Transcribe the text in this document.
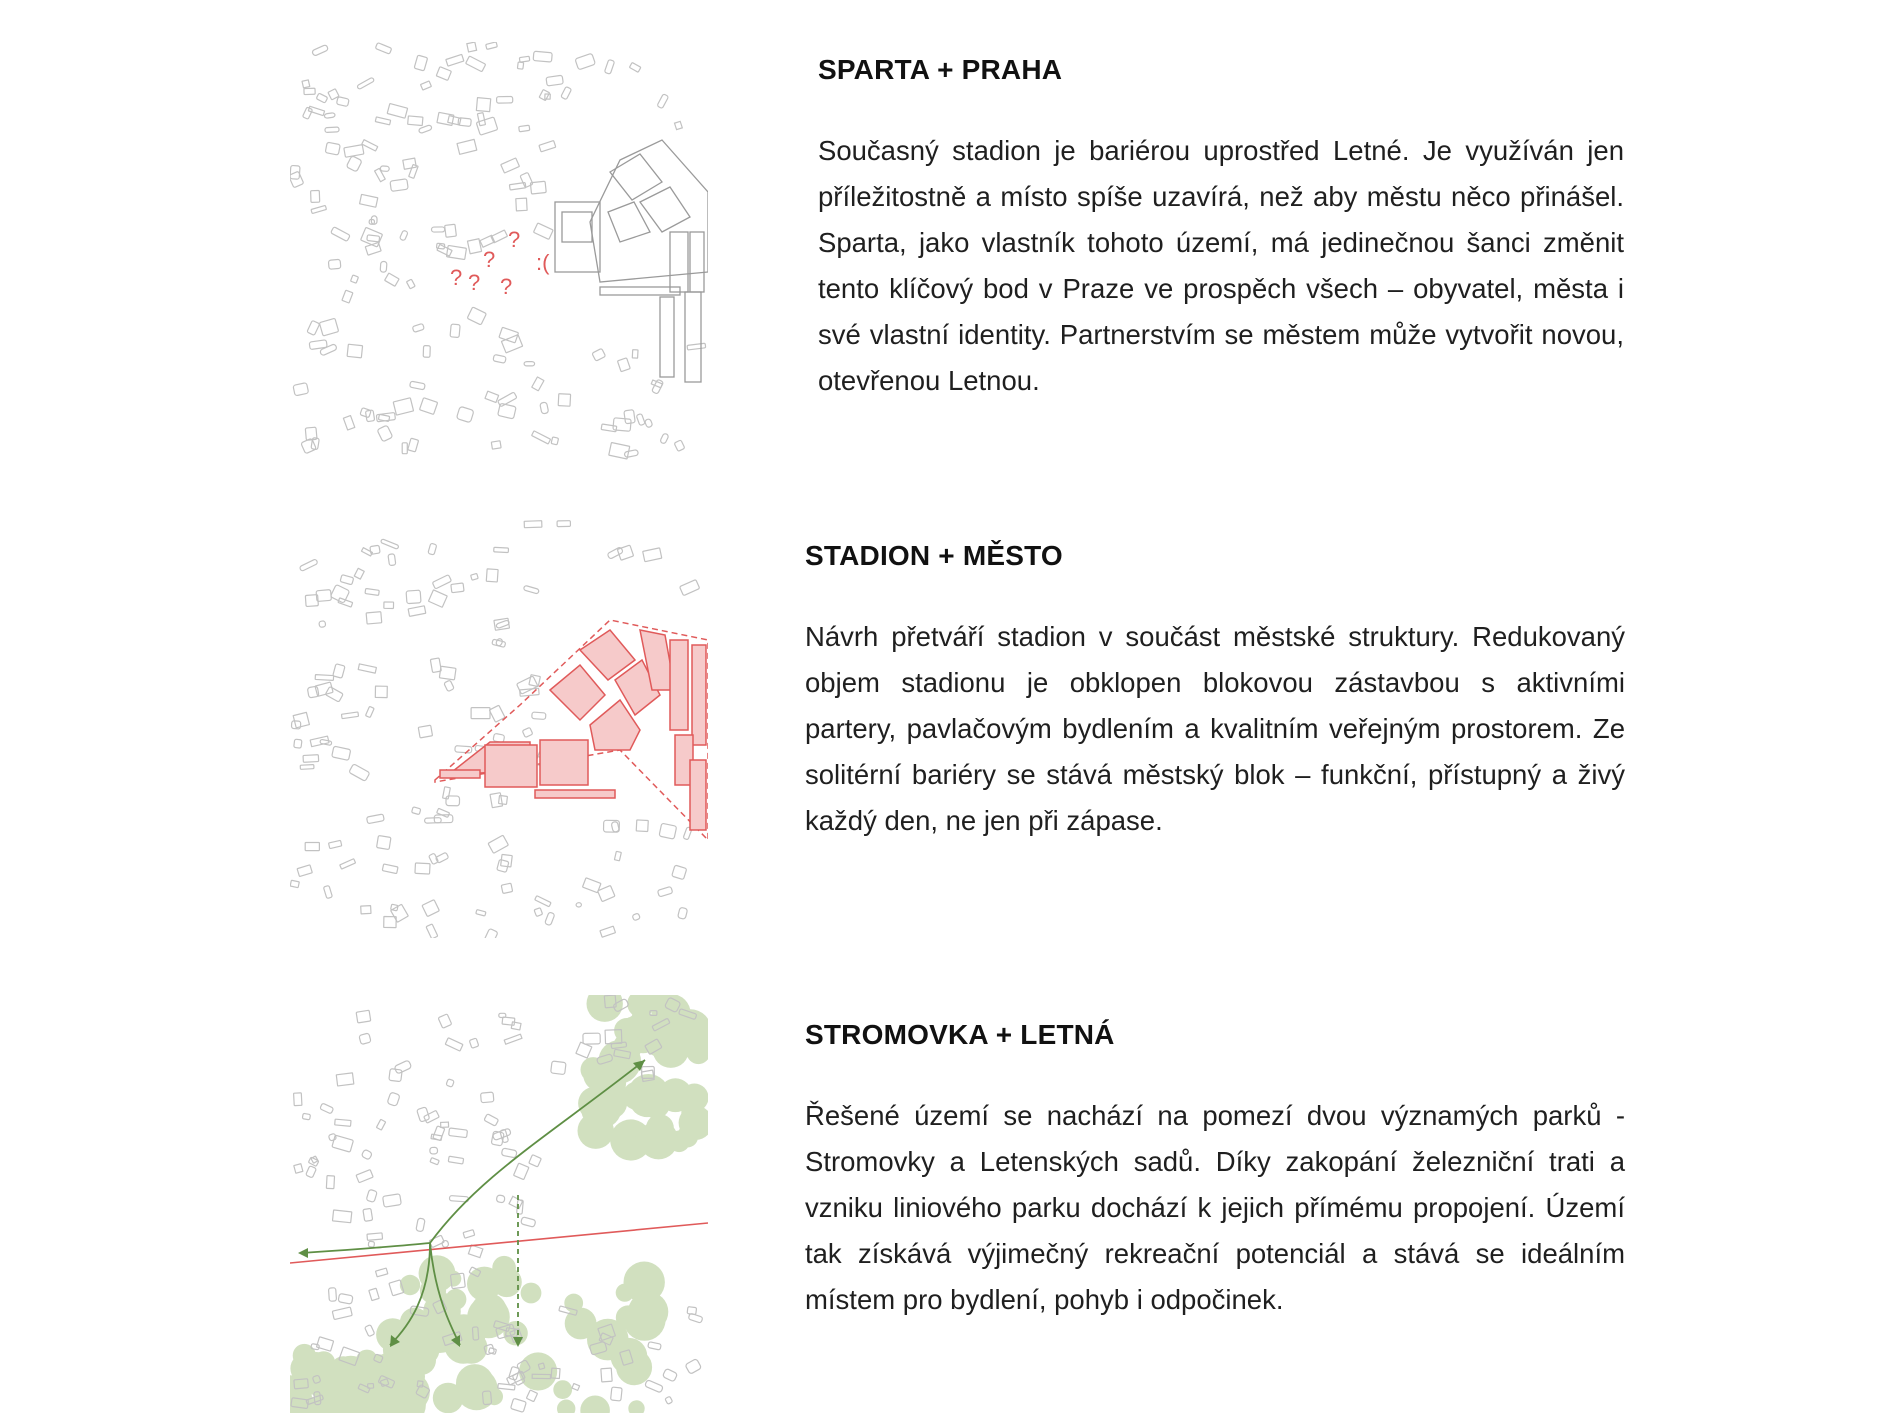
?
?
? ? ?
:(
SPARTA + PRAHA

Současný stadion je bariérou uprostřed Letné. Je využíván jen příležitostně a místo spíše uzavírá, než aby městu něco přinášel. Sparta, jako vlastník tohoto území, má jedinečnou šanci změnit tento klíčový bod v Praze ve prospěch všech – obyvatel, města i své vlastní identity. Partnerstvím se městem může vytvořit novou, otevřenou Letnou.

STADION + MĚSTO

Návrh přetváří stadion v součást městské struktury. Redukovaný objem stadionu je obklopen blokovou zástavbou s aktivními partery, pavlačovým bydlením a kvalitním veřejným prostorem. Ze solitérní bariéry se stává městský blok – funkční, přístupný a živý každý den, ne jen při zápase.

STROMOVKA + LETNÁ

Řešené území se nachází na pomezí dvou významých parků - Stromovky a Letenských sadů. Díky zakopání železniční trati a vzniku liniového parku dochází k jejich přímému propojení. Území tak získává výjimečný rekreační potenciál a stává se ideálním místem pro bydlení, pohyb i odpočinek.
